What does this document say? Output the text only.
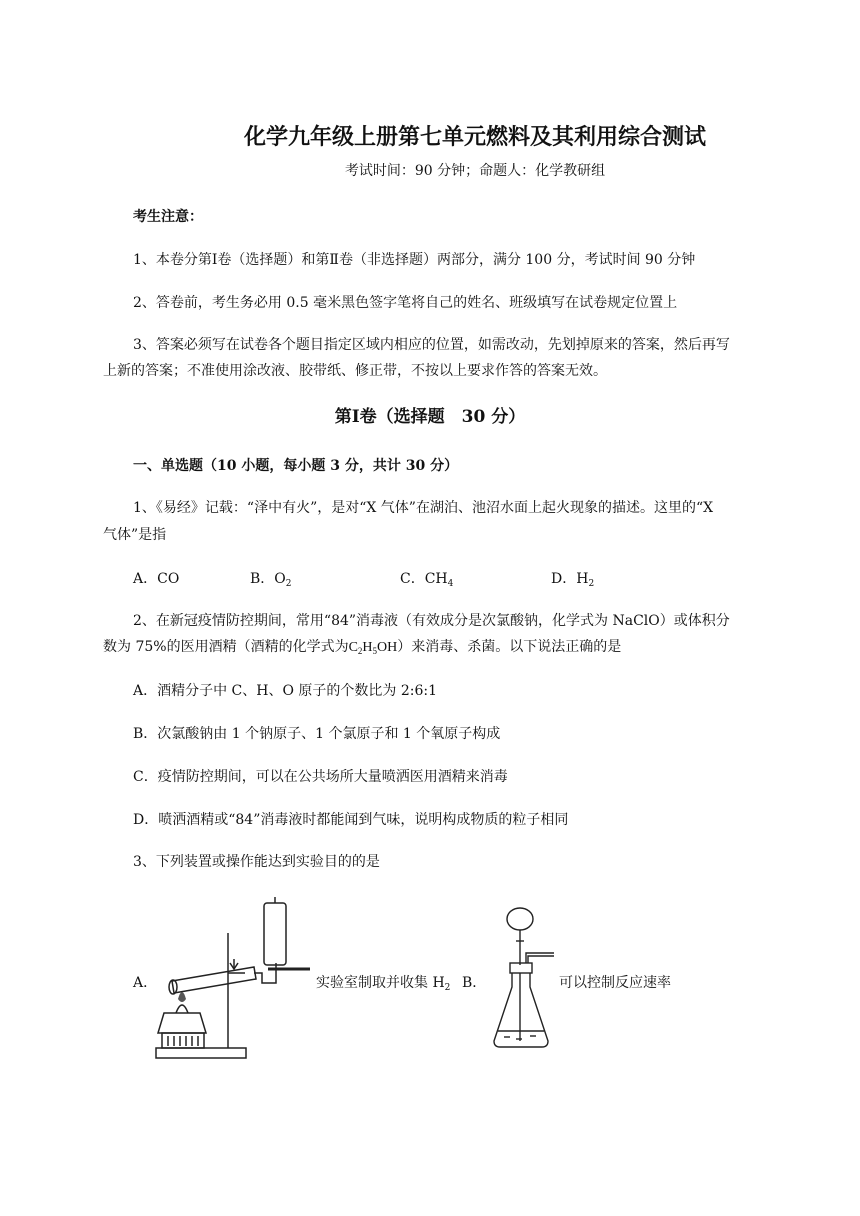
化学九年级上册第七单元燃料及其利用综合测试
考试时间：90 分钟；命题人：化学教研组
考生注意：
1、本卷分第Ⅰ卷（选择题）和第Ⅱ卷（非选择题）两部分，满分 100 分，考试时间 90 分钟
2、答卷前，考生务必用 0.5 毫米黑色签字笔将自己的姓名、班级填写在试卷规定位置上
3、答案必须写在试卷各个题目指定区域内相应的位置，如需改动，先划掉原来的答案，然后再写
上新的答案；不准使用涂改液、胶带纸、修正带，不按以上要求作答的答案无效。
第Ⅰ卷（选择题　30 分）
一、单选题（10 小题，每小题 3 分，共计 30 分）
1、《易经》记载：“泽中有火”，是对“X 气体”在湖泊、池沼水面上起火现象的描述。这里的“X
气体”是指
A．CO	B．$O_2$	C．$CH_4$	D．$H_2$
2、在新冠疫情防控期间，常用“84”消毒液（有效成分是次氯酸钠，化学式为 NaClO）或体积分
数为 75%的医用酒精（酒精的化学式为$C_2H_5OH$）来消毒、杀菌。以下说法正确的是
A．酒精分子中 C、H、O 原子的个数比为 2:6:1
B．次氯酸钠由 1 个钠原子、1 个氯原子和 1 个氧原子构成
C．疫情防控期间，可以在公共场所大量喷洒医用酒精来消毒
D．喷洒酒精或“84”消毒液时都能闻到气味，说明构成物质的粒子相同
3、下列装置或操作能达到实验目的的是
A．	实验室制取并收集 $H_2$ B．	可以控制反应速率
